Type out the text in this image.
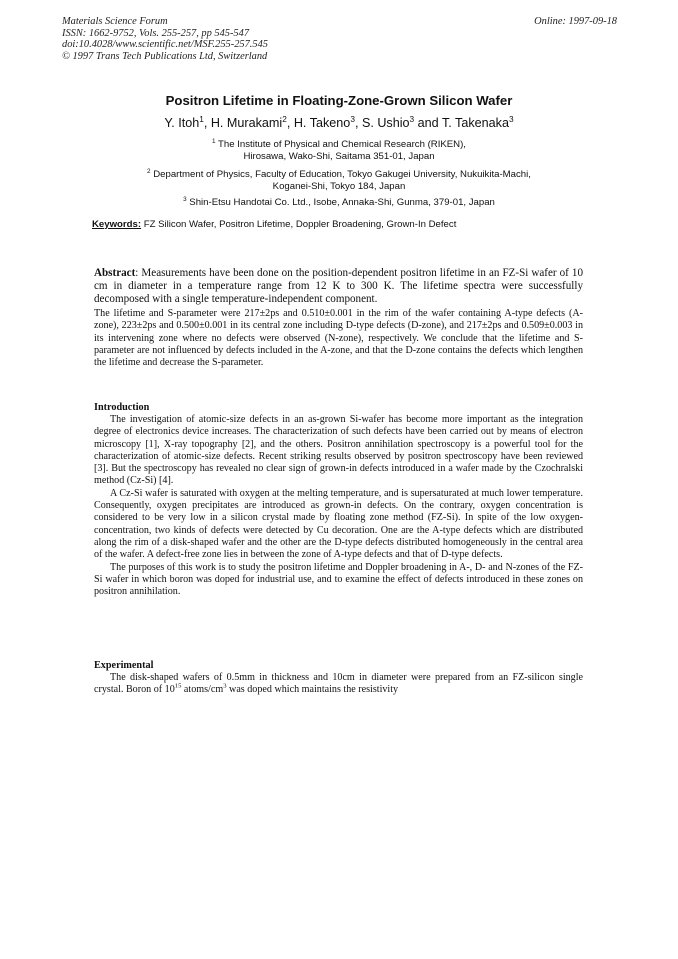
Materials Science Forum
ISSN: 1662-9752, Vols. 255-257, pp 545-547
doi:10.4028/www.scientific.net/MSF.255-257.545
© 1997 Trans Tech Publications Ltd, Switzerland
Online: 1997-09-18
Positron Lifetime in Floating-Zone-Grown Silicon Wafer
Y. Itoh$^1$, H. Murakami$^2$, H. Takeno$^3$, S. Ushio$^3$ and T. Takenaka$^3$
$^1$ The Institute of Physical and Chemical Research (RIKEN),
Hirosawa, Wako-Shi, Saitama 351-01, Japan
$^2$ Department of Physics, Faculty of Education, Tokyo Gakugei University, Nukuikita-Machi,
Koganei-Shi, Tokyo 184, Japan
$^3$ Shin-Etsu Handotai Co. Ltd., Isobe, Annaka-Shi, Gunma, 379-01, Japan
Keywords: FZ Silicon Wafer, Positron Lifetime, Doppler Broadening, Grown-In Defect
Abstract: Measurements have been done on the position-dependent positron lifetime in an FZ-Si wafer of 10 cm in diameter in a temperature range from 12 K to 300 K. The lifetime spectra were successfully decomposed with a single temperature-independent component.
The lifetime and S-parameter were 217±2ps and 0.510±0.001 in the rim of the wafer containing A-type defects (A-zone), 223±2ps and 0.500±0.001 in its central zone including D-type defects (D-zone), and 217±2ps and 0.509±0.003 in its intervening zone where no defects were observed (N-zone), respectively. We conclude that the lifetime and S-parameter are not influenced by defects included in the A-zone, and that the D-zone contains the defects which lengthen the lifetime and decrease the S-parameter.
Introduction

The investigation of atomic-size defects in an as-grown Si-wafer has become more important as the integration degree of electronics device increases. The characterization of such defects have been carried out by means of electron microscopy [1], X-ray topography [2], and the others. Positron annihilation spectroscopy is a powerful tool for the characterization of atomic-size defects. Recent striking results observed by positron spectroscopy have been reviewed [3]. But the spectroscopy has revealed no clear sign of grown-in defects introduced in a wafer made by the Czochralski method (Cz-Si) [4].

A Cz-Si wafer is saturated with oxygen at the melting temperature, and is supersaturated at much lower temperature. Consequently, oxygen precipitates are introduced as grown-in defects. On the contrary, oxygen concentration is considered to be very low in a silicon crystal made by floating zone method (FZ-Si). In spite of the low oxygen-concentration, two kinds of defects were detected by Cu decoration. One are the A-type defects which are distributed along the rim of a disk-shaped wafer and the other are the D-type defects distributed homogeneously in the central area of the wafer. A defect-free zone lies in between the zone of A-type defects and that of D-type defects.

The purposes of this work is to study the positron lifetime and Doppler broadening in A-, D- and N-zones of the FZ-Si wafer in which boron was doped for industrial use, and to examine the effect of defects introduced in these zones on positron annihilation.

Experimental

The disk-shaped wafers of 0.5mm in thickness and 10cm in diameter were prepared from an FZ-silicon single crystal. Boron of $10^{15}$ atoms/$cm^3$ was doped which maintains the resistivity
